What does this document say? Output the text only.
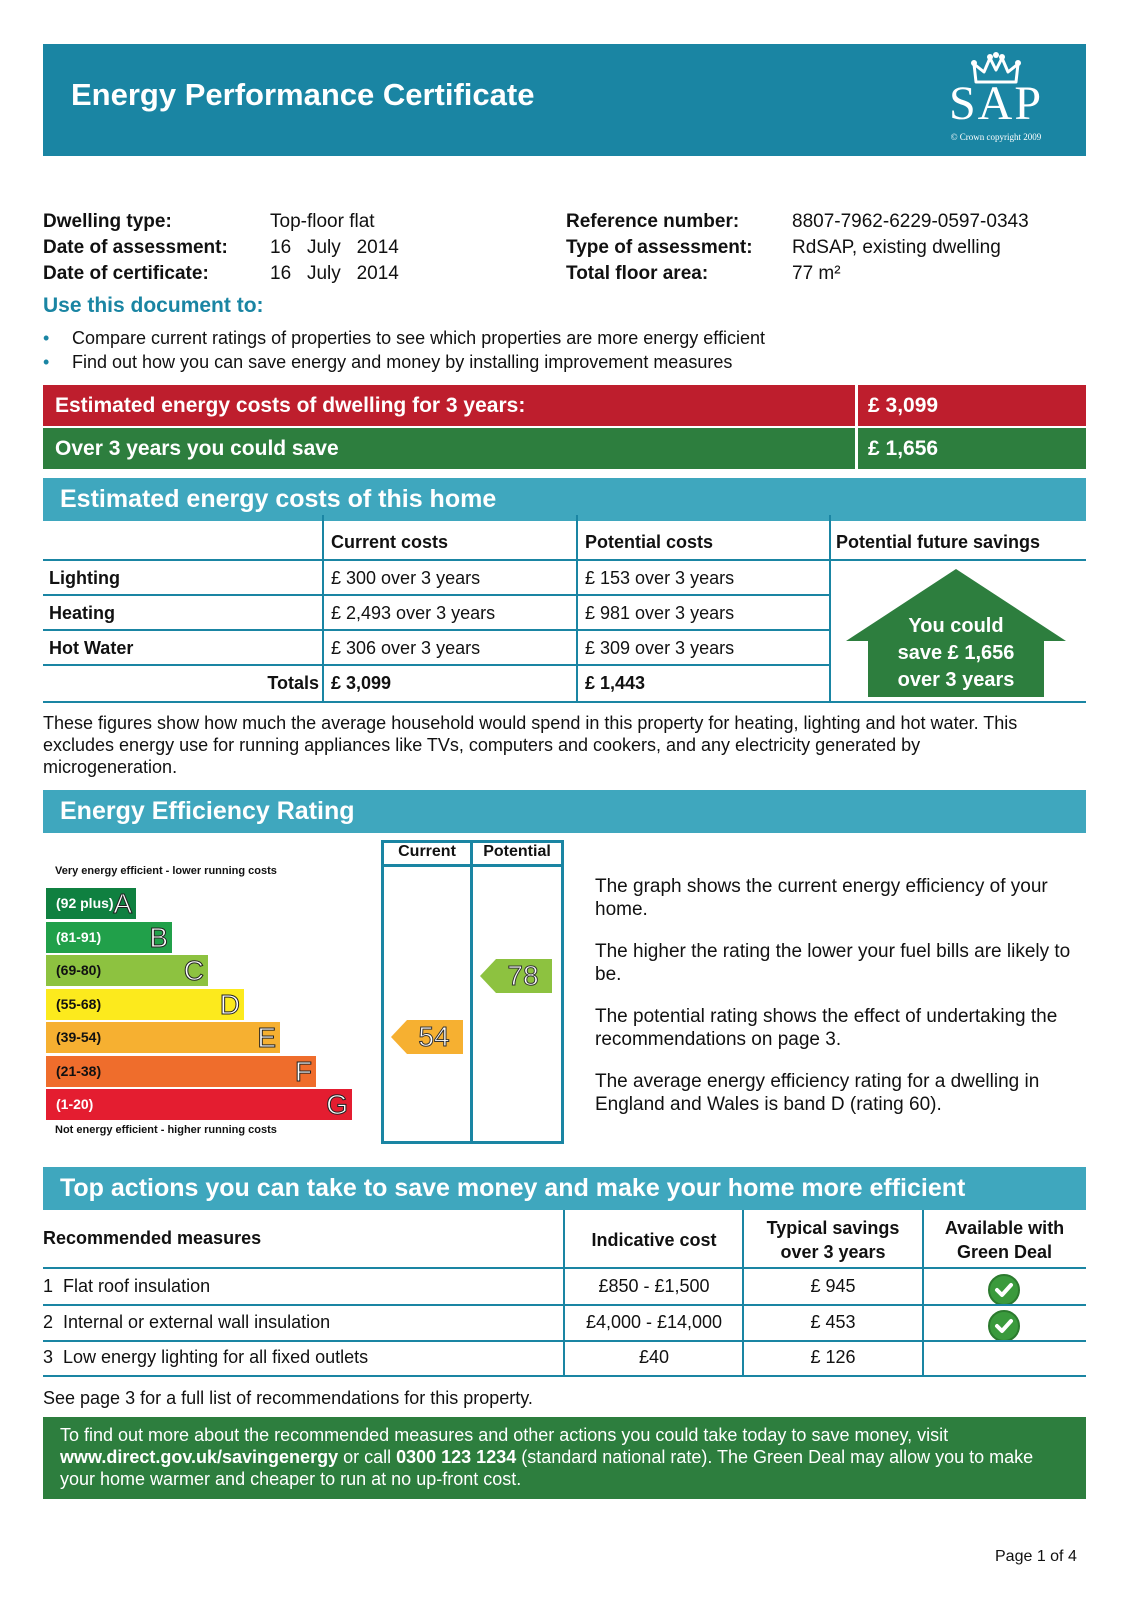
Energy Performance Certificate	SAP
© Crown copyright 2009
Dwelling type:	Top-floor flat
Date of assessment: 16   July   2014
Date of certificate:	16   July   2014
Reference number:	8807-7962-6229-0597-0343
Type of assessment: RdSAP, existing dwelling
Total floor area:	77 m²
Use this document to:
• Compare current ratings of properties to see which properties are more energy efficient
• Find out how you can save energy and money by installing improvement measures
Estimated energy costs of dwelling for 3 years:	£ 3,099
Over 3 years you could save	£ 1,656
Estimated energy costs of this home
Current costs	Potential costs	Potential future savings
Lighting	£ 300 over 3 years	£ 153 over 3 years
Heating	£ 2,493 over 3 years	£ 981 over 3 years
Hot Water	£ 306 over 3 years	£ 309 over 3 years
Totals £ 3,099	£ 1,443
You could
save £ 1,656
over 3 years
These figures show how much the average household would spend in this property for heating, lighting and hot water. This excludes energy use for running appliances like TVs, computers and cookers, and any electricity generated by microgeneration.
Energy Efficiency Rating
Very energy efficient - lower running costs
(92 plus) A
(81-91) B
(69-80)	C
(55-68)	D
(39-54)	E
(21-38)	F
(1-20)	G
Not energy efficient - higher running costs
Current	Potential
54
78

The graph shows the current energy efficiency of your home.

The higher the rating the lower your fuel bills are likely to be.

The potential rating shows the effect of undertaking the recommendations on page 3.

The average energy efficiency rating for a dwelling in England and Wales is band D (rating 60).

Top actions you can take to save money and make your home more efficient
Recommended measures	Indicative cost
Typical savings
over 3 years
Available with
Green Deal
1  Flat roof insulation	£850 - £1,500	£ 945
2  Internal or external wall insulation	£4,000 - £14,000	£ 453
3  Low energy lighting for all fixed outlets	£40	£ 126
See page 3 for a full list of recommendations for this property.
To find out more about the recommended measures and other actions you could take today to save money, visit
www.direct.gov.uk/savingenergy or call 0300 123 1234 (standard national rate). The Green Deal may allow you to make your home warmer and cheaper to run at no up-front cost.
Page 1 of 4
